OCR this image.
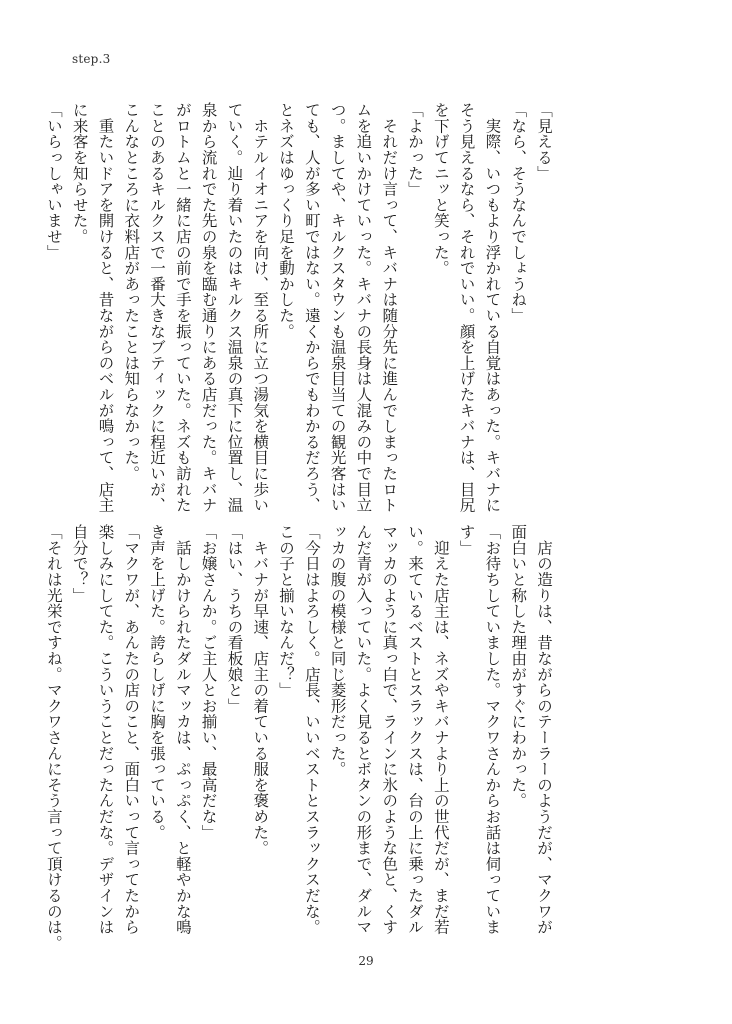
step.3
「見える」
「なら、そうなんでしょうね」
　実際、いつもより浮かれている自覚はあった。キバナに
そう見えるなら、それでいい。顔を上げたキバナは、目尻
を下げてニッと笑った。
「よかった」
　それだけ言って、キバナは随分先に進んでしまったロト
ムを追いかけていった。キバナの長身は人混みの中で目立
つ。ましてや、キルクスタウンも温泉目当ての観光客はい
ても、人が多い町ではない。遠くからでもわかるだろう、
とネズはゆっくり足を動かした。
　ホテルイオニアを向け、至る所に立つ湯気を横目に歩い
ていく。辿り着いたのはキルクス温泉の真下に位置し、温
泉から流れでた先の泉を臨む通りにある店だった。キバナ
がロトムと一緒に店の前で手を振っていた。ネズも訪れた
ことのあるキルクスで一番大きなブティックに程近いが、
こんなところに衣料店があったことは知らなかった。
　重たいドアを開けると、昔ながらのベルが鳴って、店主
に来客を知らせた。
「いらっしゃいませ」
　店の造りは、昔ながらのテーラーのようだが、マクワが
面白いと称した理由がすぐにわかった。
「お待ちしていました。マクワさんからお話は伺っていま
す」
　迎えた店主は、ネズやキバナより上の世代だが、まだ若
い。来ているベストとスラックスは、台の上に乗ったダル
マッカのように真っ白で、ラインに氷のような色と、くす
んだ青が入っていた。よく見るとボタンの形まで、ダルマ
ッカの腹の模様と同じ菱形だった。
「今日はよろしく。店長、いいベストとスラックスだな。
この子と揃いなんだ？」
　キバナが早速、店主の着ている服を褒めた。
「はい、うちの看板娘と」
「お嬢さんか。ご主人とお揃い、最高だな」
　話しかけられたダルマッカは、ぷっぷく、と軽やかな鳴
き声を上げた。誇らしげに胸を張っている。
「マクワが、あんたの店のこと、面白いって言ってたから
楽しみにしてた。こういうことだったんだな。デザインは
自分で？」
「それは光栄ですね。マクワさんにそう言って頂けるのは。
29
